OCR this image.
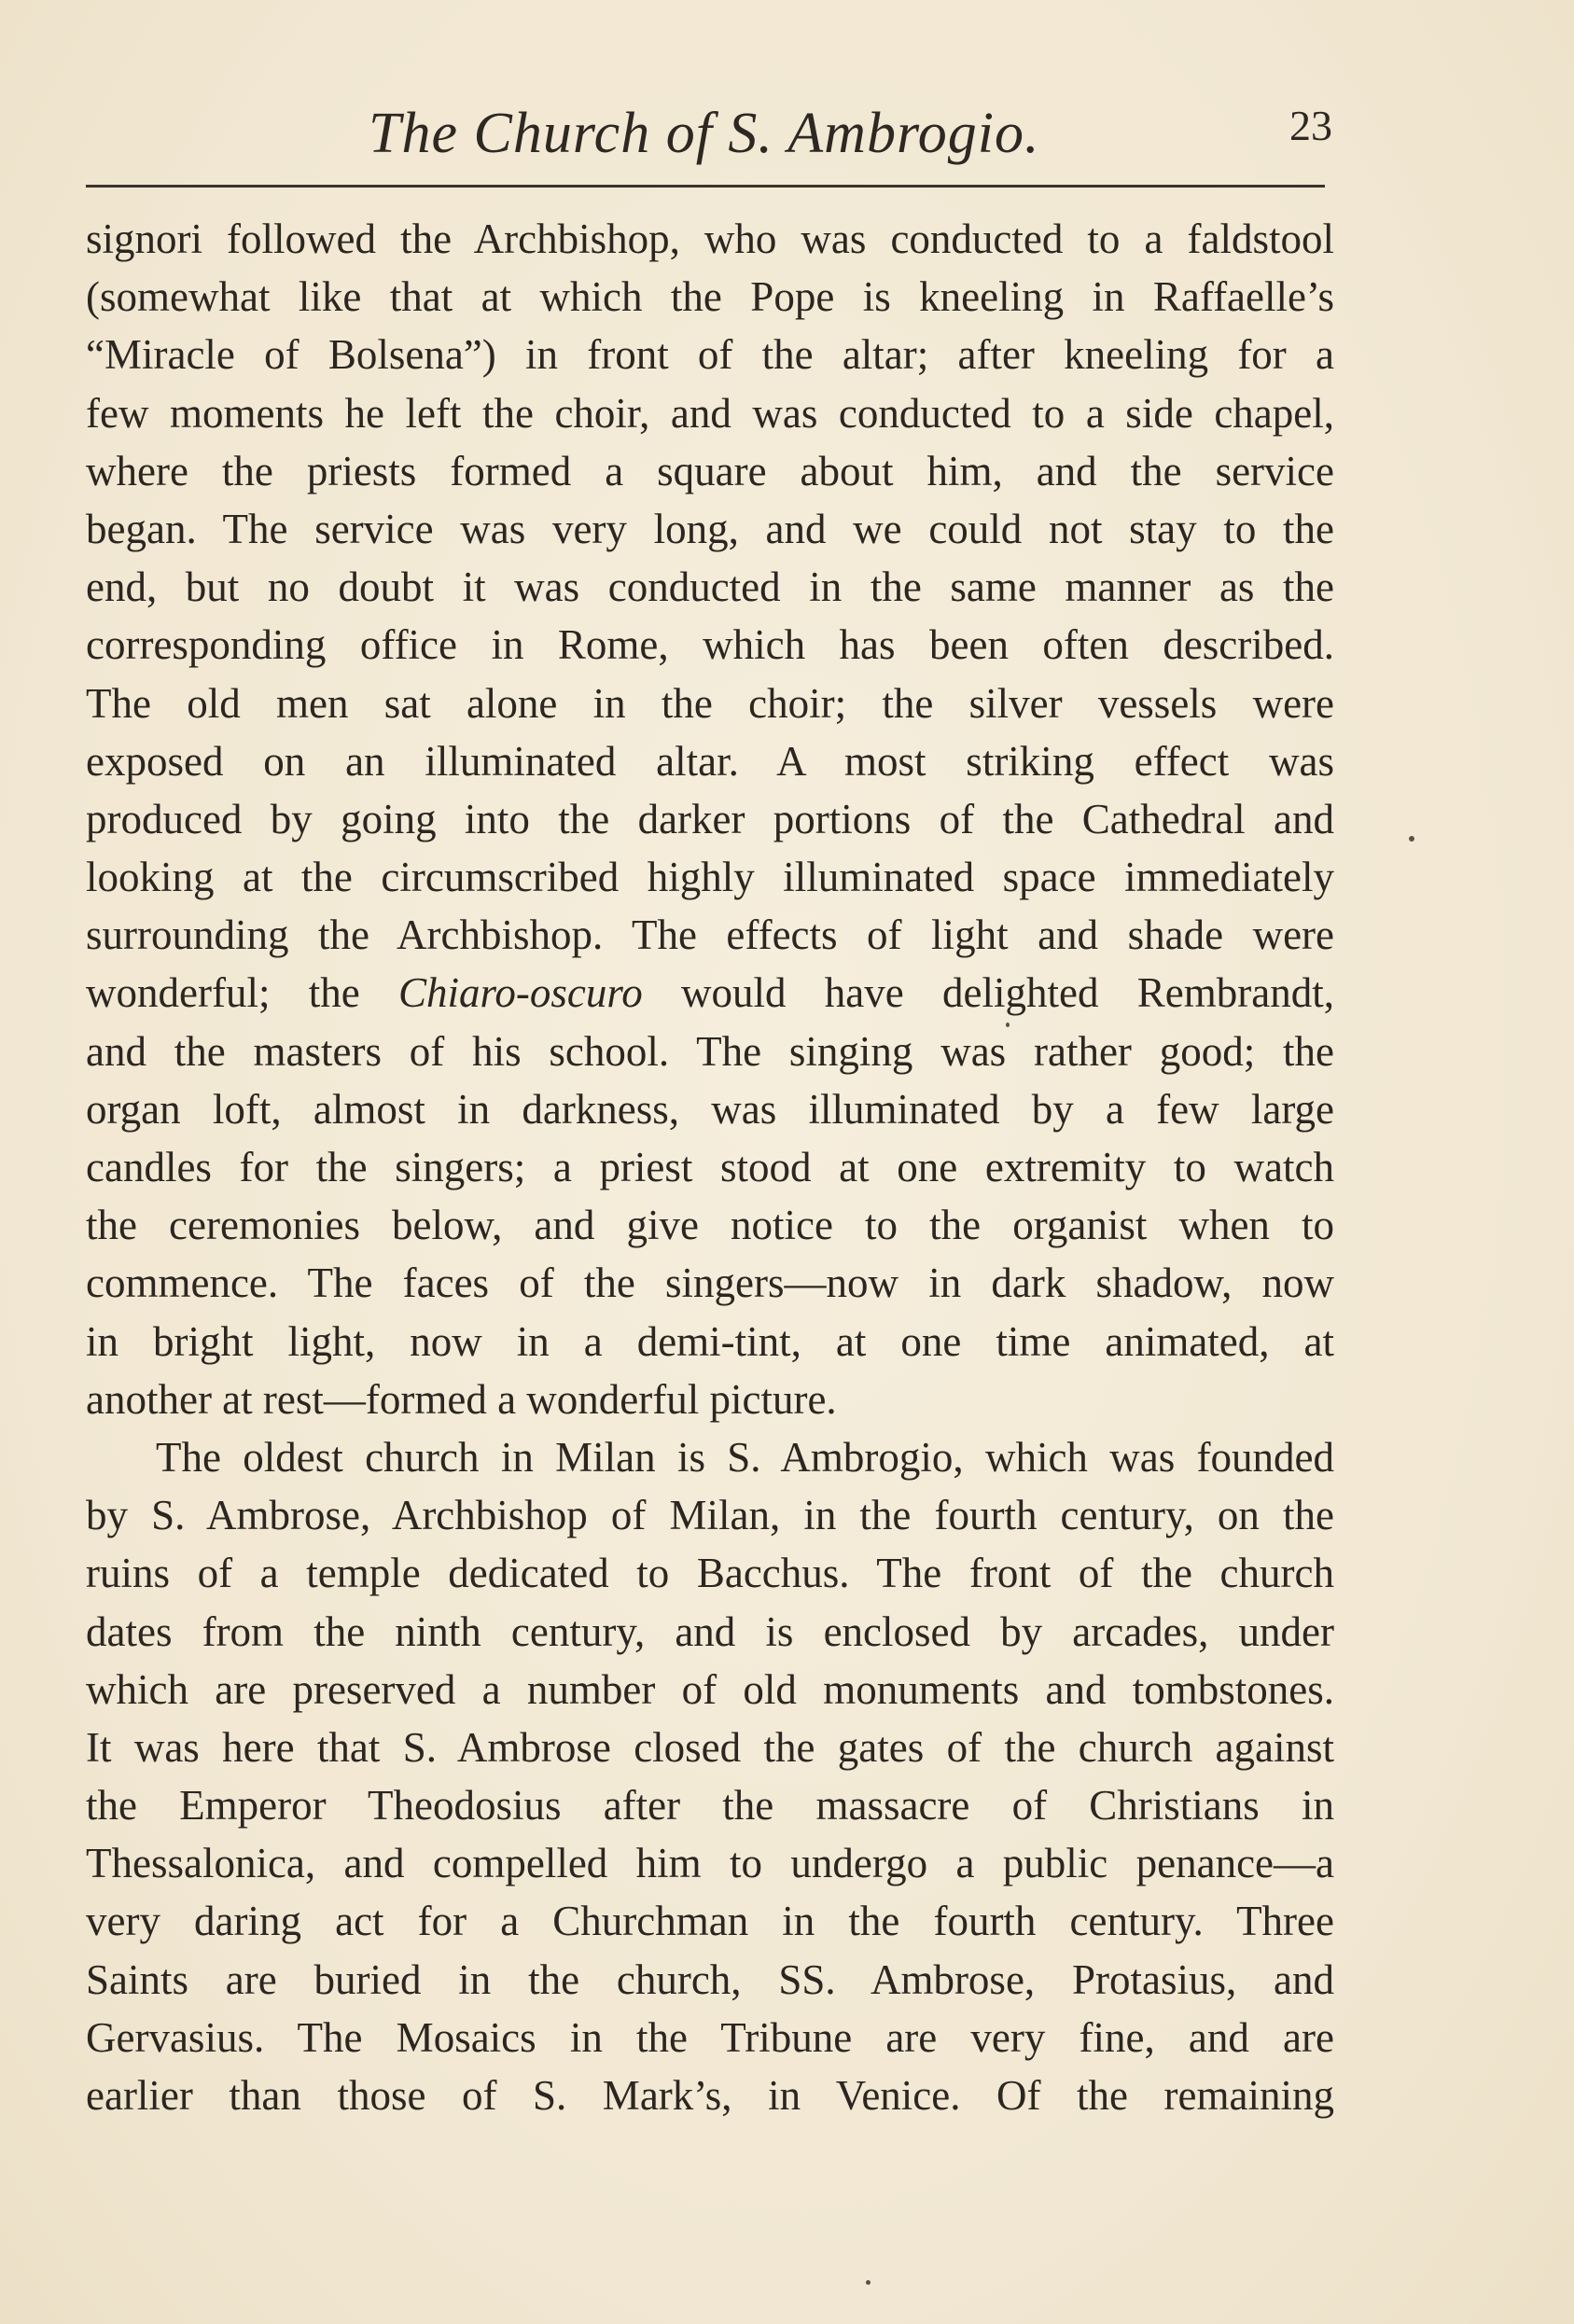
The Church of S. Ambrogio.	23
signori followed the Archbishop, who was conducted to a faldstool
(somewhat like that at which the Pope is kneeling in Raffaelle’s
“Miracle of Bolsena”) in front of the altar; after kneeling for a
few moments he left the choir, and was conducted to a side chapel,
where the priests formed a square about him, and the service
began. The service was very long, and we could not stay to the
end, but no doubt it was conducted in the same manner as the
corresponding office in Rome, which has been often described.
The old men sat alone in the choir; the silver vessels were
exposed on an illuminated altar. A most striking effect was
produced by going into the darker portions of the Cathedral and
looking at the circumscribed highly illuminated space immediately
surrounding the Archbishop. The effects of light and shade were
wonderful; the Chiaro-oscuro would have delighted Rembrandt,
and the masters of his school. The singing was rather good; the
organ loft, almost in darkness, was illuminated by a few large
candles for the singers; a priest stood at one extremity to watch
the ceremonies below, and give notice to the organist when to
commence. The faces of the singers—now in dark shadow, now
in bright light, now in a demi-tint, at one time animated, at
another at rest—formed a wonderful picture.
The oldest church in Milan is S. Ambrogio, which was founded
by S. Ambrose, Archbishop of Milan, in the fourth century, on the
ruins of a temple dedicated to Bacchus. The front of the church
dates from the ninth century, and is enclosed by arcades, under
which are preserved a number of old monuments and tombstones.
It was here that S. Ambrose closed the gates of the church against
the Emperor Theodosius after the massacre of Christians in
Thessalonica, and compelled him to undergo a public penance—a
very daring act for a Churchman in the fourth century. Three
Saints are buried in the church, SS. Ambrose, Protasius, and
Gervasius. The Mosaics in the Tribune are very fine, and are
earlier than those of S. Mark’s, in Venice. Of the remaining
